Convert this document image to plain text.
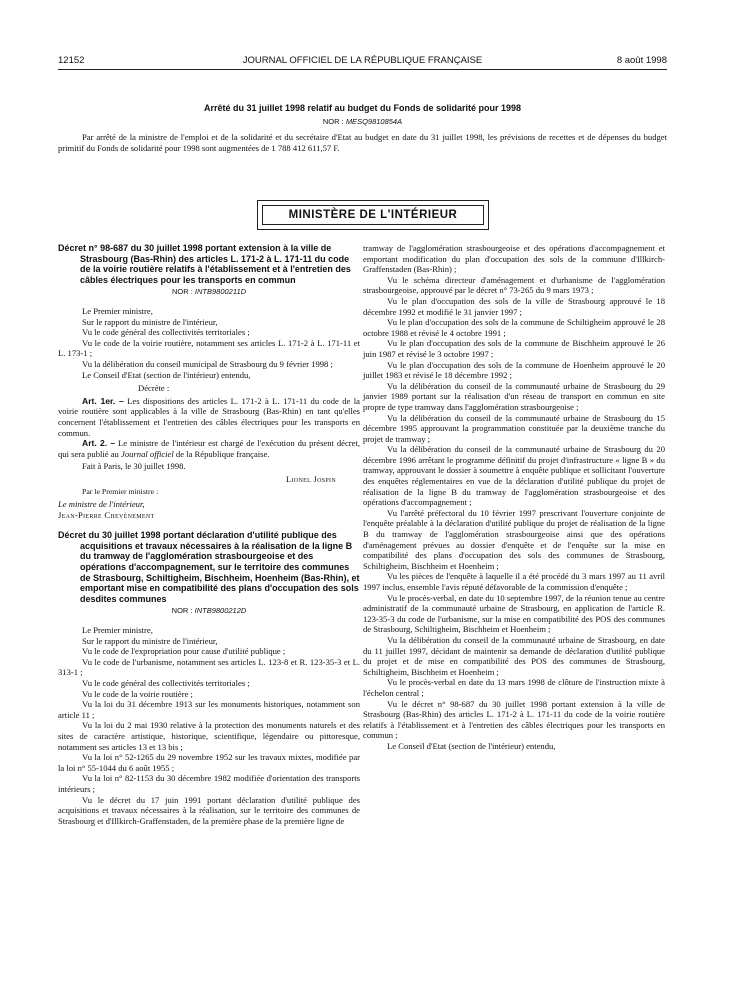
12152	JOURNAL OFFICIEL DE LA RÉPUBLIQUE FRANÇAISE	8 août 1998
Arrêté du 31 juillet 1998 relatif au budget du Fonds de solidarité pour 1998
NOR : MESQ9810854A

Par arrêté de la ministre de l'emploi et de la solidarité et du secrétaire d'Etat au budget en date du 31 juillet 1998, les prévisions de recettes et de dépenses du budget primitif du Fonds de solidarité pour 1998 sont augmentées de 1 788 412 611,57 F.

MINISTÈRE DE L'INTÉRIEUR
Décret n° 98-687 du 30 juillet 1998 portant extension à la ville de Strasbourg (Bas-Rhin) des articles L. 171-2 à L. 171-11 du code de la voirie routière relatifs à l'établissement et à l'entretien des câbles électriques pour les transports en commun
NOR : INTB9800211D

Le Premier ministre,

Sur le rapport du ministre de l'intérieur,

Vu le code général des collectivités territoriales ;

Vu le code de la voirie routière, notamment ses articles L. 171-2 à L. 171-11 et L. 173-1 ;

Vu la délibération du conseil municipal de Strasbourg du 9 février 1998 ;

Le Conseil d'Etat (section de l'intérieur) entendu,

Décrète :

Art. 1er. – Les dispositions des articles L. 171-2 à L. 171-11 du code de la voirie routière sont applicables à la ville de Strasbourg (Bas-Rhin) en tant qu'elles concernent l'établissement et l'entretien des câbles électriques pour les transports en commun.

Art. 2. – Le ministre de l'intérieur est chargé de l'exécution du présent décret, qui sera publié au Journal officiel de la République française.

Fait à Paris, le 30 juillet 1998.

Lionel Jospin

Par le Premier ministre :

Le ministre de l'intérieur,

Jean-Pierre Chevènement

Décret du 30 juillet 1998 portant déclaration d'utilité publique des acquisitions et travaux nécessaires à la réalisation de la ligne B du tramway de l'agglomération strasbourgeoise et des opérations d'accompagnement, sur le territoire des communes de Strasbourg, Schiltigheim, Bischheim, Hoenheim (Bas-Rhin), et emportant mise en compatibilité des plans d'occupation des sols desdites communes
NOR : INTB9800212D

Le Premier ministre,

Sur le rapport du ministre de l'intérieur,

Vu le code de l'expropriation pour cause d'utilité publique ;

Vu le code de l'urbanisme, notamment ses articles L. 123-8 et R. 123-35-3 et L. 313-1 ;

Vu le code général des collectivités territoriales ;

Vu le code de la voirie routière ;

Vu la loi du 31 décembre 1913 sur les monuments historiques, notamment son article 11 ;

Vu la loi du 2 mai 1930 relative à la protection des monuments naturels et des sites de caractère artistique, historique, scientifique, légendaire ou pittoresque, notamment ses articles 13 et 13 bis ;

Vu la loi n° 52-1265 du 29 novembre 1952 sur les travaux mixtes, modifiée par la loi n° 55-1044 du 6 août 1955 ;

Vu la loi n° 82-1153 du 30 décembre 1982 modifiée d'orientation des transports intérieurs ;

Vu le décret du 17 juin 1991 portant déclaration d'utilité publique des acquisitions et travaux nécessaires à la réalisation, sur le territoire des communes de Strasbourg et d'Illkirch-Graffenstaden, de la première phase de la première ligne de

tramway de l'agglomération strasbourgeoise et des opérations d'accompagnement et emportant modification du plan d'occupation des sols de la commune d'Illkirch-Graffenstaden (Bas-Rhin) ;

Vu le schéma directeur d'aménagement et d'urbanisme de l'agglomération strasbourgeoise, approuvé par le décret n° 73-265 du 9 mars 1973 ;

Vu le plan d'occupation des sols de la ville de Strasbourg approuvé le 18 décembre 1992 et modifié le 31 janvier 1997 ;

Vu le plan d'occupation des sols de la commune de Schiltigheim approuvé le 28 octobre 1988 et révisé le 4 octobre 1991 ;

Vu le plan d'occupation des sols de la commune de Bischheim approuvé le 26 juin 1987 et révisé le 3 octobre 1997 ;

Vu le plan d'occupation des sols de la commune de Hoenheim approuvé le 20 juillet 1983 et révisé le 18 décembre 1992 ;

Vu la délibération du conseil de la communauté urbaine de Strasbourg du 29 janvier 1989 portant sur la réalisation d'un réseau de transport en commun en site propre de type tramway dans l'agglomération strasbourgeoise ;

Vu la délibération du conseil de la communauté urbaine de Strasbourg du 15 décembre 1995 approuvant la programmation constituée par la deuxième tranche du projet de tramway ;

Vu la délibération du conseil de la communauté urbaine de Strasbourg du 20 décembre 1996 arrêtant le programme définitif du projet d'infrastructure « ligne B » du tramway, approuvant le dossier à soumettre à enquête publique et sollicitant l'ouverture des enquêtes réglementaires en vue de la déclaration d'utilité publique du projet de réalisation de la ligne B du tramway de l'agglomération strasbourgeoise et des opérations d'accompagnement ;

Vu l'arrêté préfectoral du 10 février 1997 prescrivant l'ouverture conjointe de l'enquête préalable à la déclaration d'utilité publique du projet de réalisation de la ligne B du tramway de l'agglomération strasbourgeoise ainsi que des opérations d'aménagement prévues au dossier d'enquête et de l'enquête sur la mise en compatibilité des plans d'occupation des sols des communes de Strasbourg, Schiltigheim, Bischheim et Hoenheim ;

Vu les pièces de l'enquête à laquelle il a été procédé du 3 mars 1997 au 11 avril 1997 inclus, ensemble l'avis réputé défavorable de la commission d'enquête ;

Vu le procès-verbal, en date du 10 septembre 1997, de la réunion tenue au centre administratif de la communauté urbaine de Strasbourg, en application de l'article R. 123-35-3 du code de l'urbanisme, sur la mise en compatibilité des POS des communes de Strasbourg, Schiltigheim, Bischheim et Hoenheim ;

Vu la délibération du conseil de la communauté urbaine de Strasbourg, en date du 11 juillet 1997, décidant de maintenir sa demande de déclaration d'utilité publique du projet et de mise en compatibilité des POS des communes de Strasbourg, Schiltigheim, Bischheim et Hoenheim ;

Vu le procès-verbal en date du 13 mars 1998 de clôture de l'instruction mixte à l'échelon central ;

Vu le décret n° 98-687 du 30 juillet 1998 portant extension à la ville de Strasbourg (Bas-Rhin) des articles L. 171-2 à L. 171-11 du code de la voirie routière relatifs à l'établissement et à l'entretien des câbles électriques pour les transports en commun ;

Le Conseil d'Etat (section de l'intérieur) entendu,
